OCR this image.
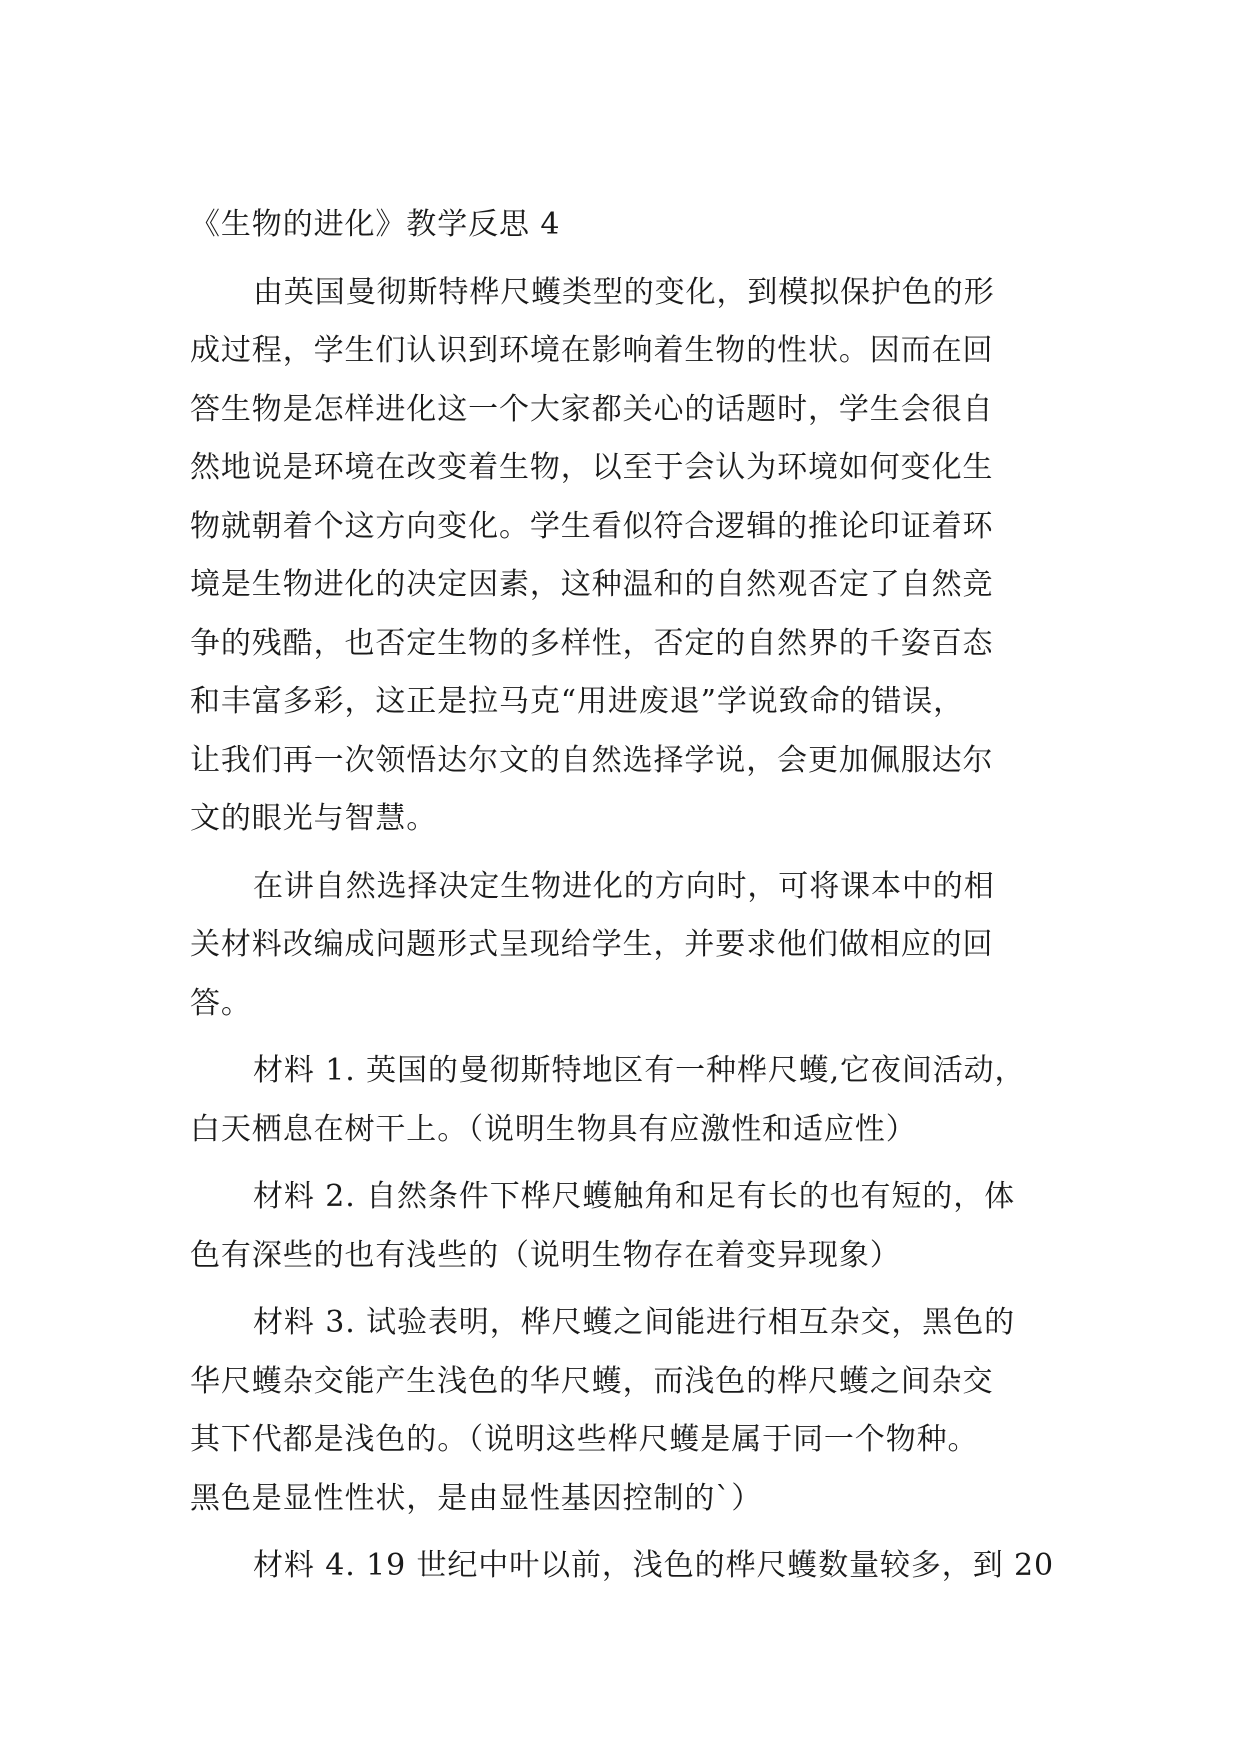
《生物的进化》教学反思 4
由英国曼彻斯特桦尺蠖类型的变化，到模拟保护色的形
成过程，学生们认识到环境在影响着生物的性状。因而在回
答生物是怎样进化这一个大家都关心的话题时，学生会很自
然地说是环境在改变着生物，以至于会认为环境如何变化生
物就朝着个这方向变化。学生看似符合逻辑的推论印证着环
境是生物进化的决定因素，这种温和的自然观否定了自然竞
争的残酷，也否定生物的多样性，否定的自然界的千姿百态
和丰富多彩，这正是拉马克“用进废退”学说致命的错误，
让我们再一次领悟达尔文的自然选择学说，会更加佩服达尔
文的眼光与智慧。
在讲自然选择决定生物进化的方向时，可将课本中的相
关材料改编成问题形式呈现给学生，并要求他们做相应的回
答。
材料 1. 英国的曼彻斯特地区有一种桦尺蠖,它夜间活动，
白天栖息在树干上。（说明生物具有应激性和适应性）
材料 2. 自然条件下桦尺蠖触角和足有长的也有短的，体
色有深些的也有浅些的（说明生物存在着变异现象）
材料 3. 试验表明，桦尺蠖之间能进行相互杂交，黑色的
华尺蠖杂交能产生浅色的华尺蠖，而浅色的桦尺蠖之间杂交
其下代都是浅色的。（说明这些桦尺蠖是属于同一个物种。
黑色是显性性状，是由显性基因控制的`）
材料 4. 19 世纪中叶以前，浅色的桦尺蠖数量较多，到 20
